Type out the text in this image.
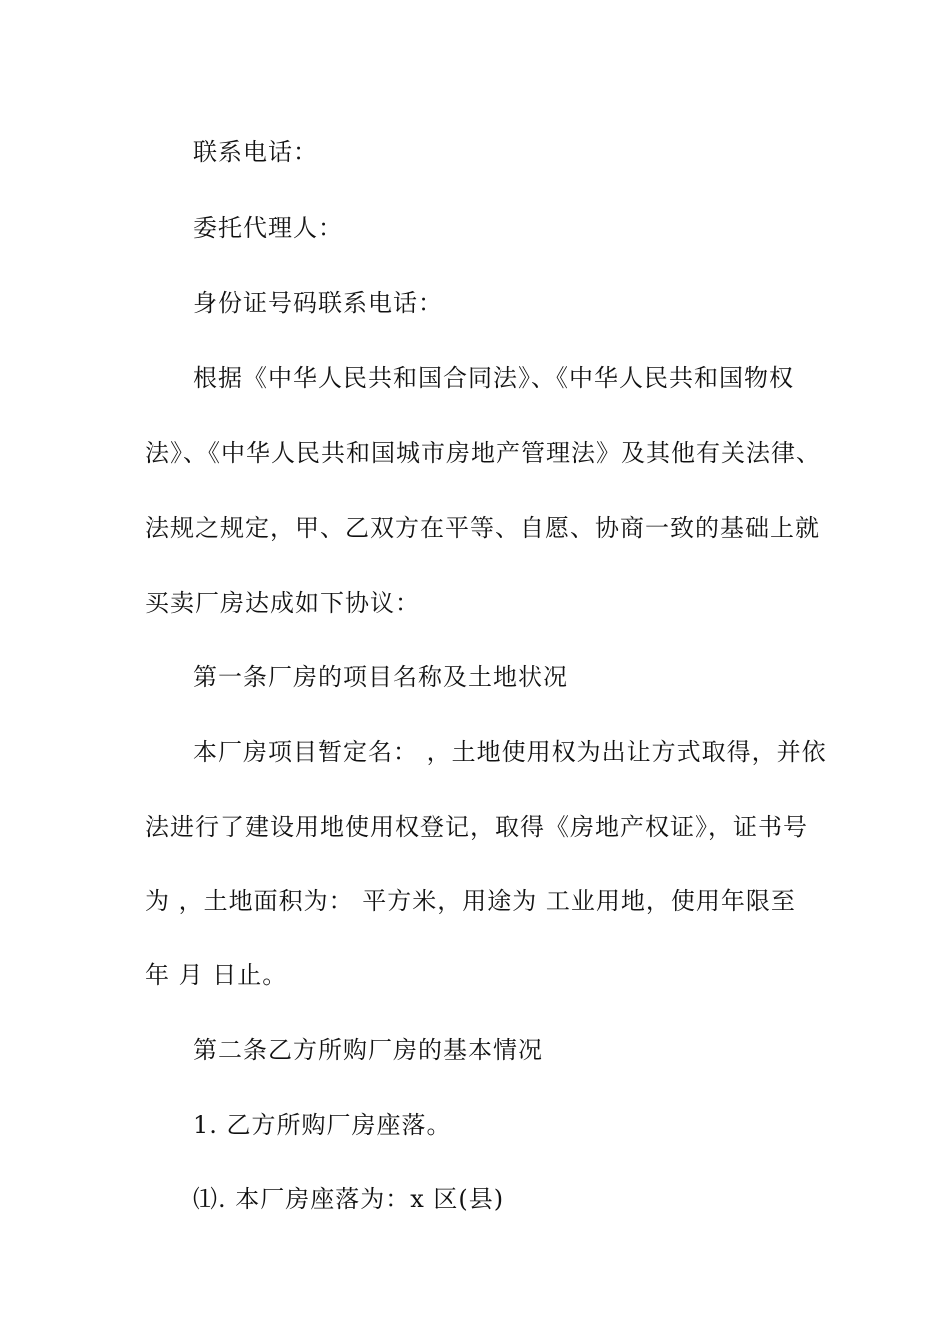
联系电话：
委托代理人：
身份证号码联系电话：
根据《中华人民共和国合同法》、《中华人民共和国物权
法》、《中华人民共和国城市房地产管理法》及其他有关法律、
法规之规定，甲、乙双方在平等、自愿、协商一致的基础上就
买卖厂房达成如下协议：
第一条厂房的项目名称及土地状况
本厂房项目暂定名： ，土地使用权为出让方式取得，并依
法进行了建设用地使用权登记，取得《房地产权证》，证书号
为 ，土地面积为： 平方米，用途为 工业用地，使用年限至
年 月 日止。
第二条乙方所购厂房的基本情况
1. 乙方所购厂房座落。
⑴. 本厂房座落为：x 区(县)
